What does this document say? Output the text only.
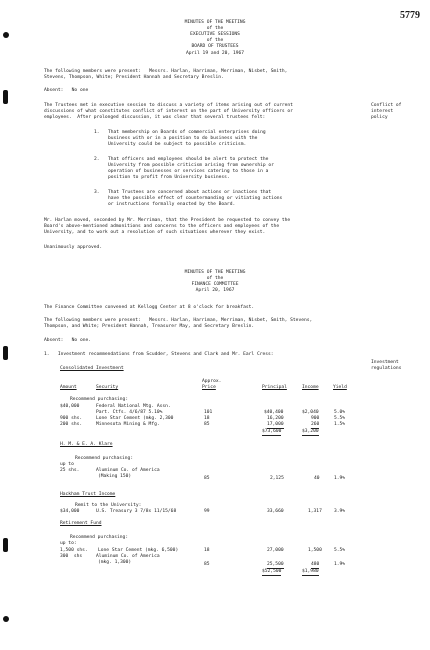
5779
MINUTES OF THE MEETING
of the
EXECUTIVE SESSIONS
of the
BOARD OF TRUSTEES
April 19 and 20, 1967
The following members were present:   Messrs. Harlan, Harriman, Merriman, Nisbet, Smith,
Stevens, Thompson, White; President Hannah and Secretary Breslin.
Absent:   No one
The Trustees met in executive session to discuss a variety of items arising out of current
discussions of what constitutes conflict of interest on the part of University officers or
employees.  After prolonged discussion, it was clear that several trustees felt:
Conflict of
interest
policy
1. That membership on Boards of commercial enterprises doing
business with or in a position to do business with the
University could be subject to possible criticism.
2. That officers and employees should be alert to protect the
University from possible criticism arising from ownership or
operation of businesses or services catering to those in a
position to profit from University business.
3. That Trustees are concerned about actions or inactions that
have the possible effect of countermanding or vitiating actions
or instructions formally enacted by the Board.
Mr. Harlan moved, seconded by Mr. Merriman, that the President be requested to convey the
Board's above-mentioned admonitions and concerns to the officers and employees of the
University, and to work out a resolution of such situations wherever they exist.
Unanimously approved.
MINUTES OF THE MEETING
of the
FINANCE COMMITTEE
April 20, 1967
The Finance Committee convened at Kellogg Center at 8 o'clock for breakfast.
The following members were present:   Messrs. Harlan, Harriman, Merriman, Nisbet, Smith, Stevens,
Thompson, and White; President Hannah, Treasurer May, and Secretary Breslin.
Absent:   No one.
1.   Investment recommendations from Scudder, Stevens and Clark and Mr. Earl Cress:
Investment
regulations
Consolidated Investment
Approx.
Amount	Security	Price	Principal	Income	Yield
Recommend purchasing:
$40,000	Federal National Mtg. Assn.
Part. Ctfs. 4/6/87 5.10%	101	$40,400	$2,040	5.0%
900 shs.	Lone Star Cement (mkg. 2,300	18	16,200	900	5.5%
200 shs.	Minnesota Mining & Mfg.	85	17,000	260	1.5%
$73,600	$3,200
H. M. & E. A. Klare
Recommend purchasing:
up to
25 shs.	Aluminum Co. of America
(Making 150)	85	2,125	40	1.9%
Hackham Trust Income
Remit to the University:
$34,000	U.S. Treasury 3 7/8s 11/15/68	99	33,660	1,317	3.9%
Retirement Fund
Recommend purchasing:
up to:
1,500 shs. Lone Star Cement (mkg. 6,500)	18	27,000	1,500	5.5%
300  shs	Aluminum Co. of America
(mkg. 1,300)	85	25,500	480	1.9%
$52,500	$1,980
